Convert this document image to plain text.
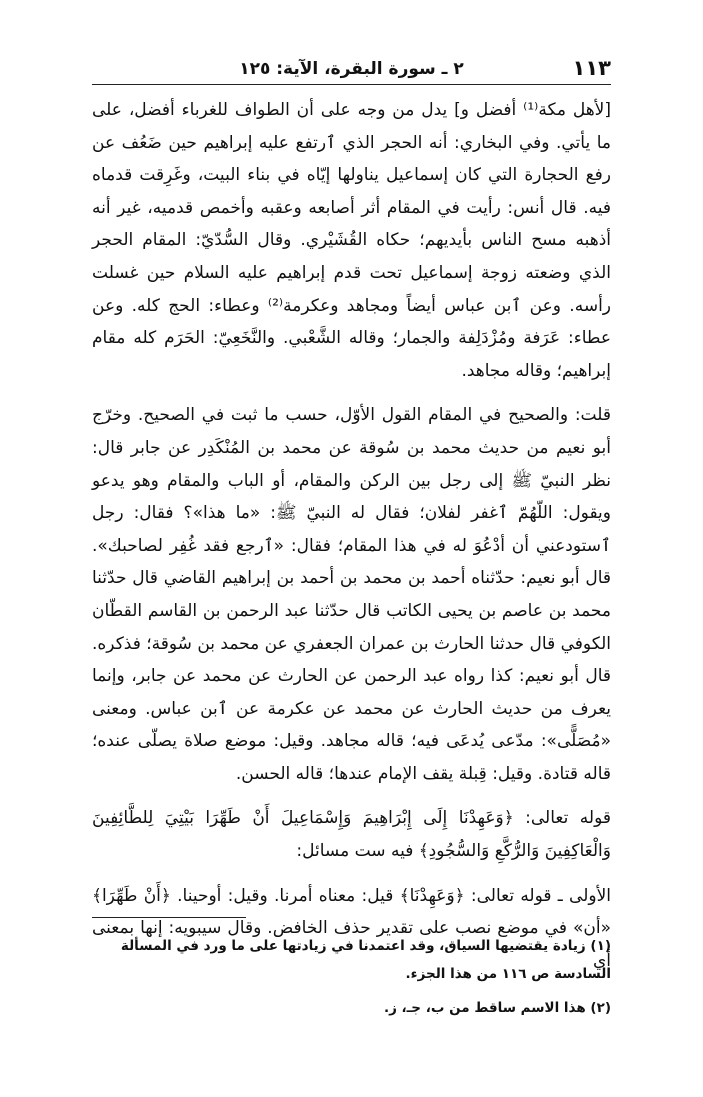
١١٣
٢ ـ سورة البقرة، الآية: ١٢٥

[لأهل مكة⁽¹⁾ أفضل و] يدل من وجه على أن الطواف للغرباء أفضل، على ما يأتي. وفي البخاري: أنه الحجر الذي ٱرتفع عليه إبراهيم حين ضَعُف عن رفع الحجارة التي كان إسماعيل يناولها إيّاه في بناء البيت، وغَرِقت قدماه فيه. قال أنس: رأيت في المقام أثر أصابعه وعقبه وأخمص قدميه، غير أنه أذهبه مسح الناس بأيديهم؛ حكاه القُشَيْري. وقال السُّدّيّ: المقام الحجر الذي وضعته زوجة إسماعيل تحت قدم إبراهيم عليه السلام حين غسلت رأسه. وعن ٱبن عباس أيضاً ومجاهد وعكرمة⁽²⁾ وعطاء: الحج كله. وعن عطاء: عَرَفة ومُزْدَلِفة والجمار؛ وقاله الشَّعْبي. والنَّخَعِيّ: الحَرَم كله مقام إبراهيم؛ وقاله مجاهد.

قلت: والصحيح في المقام القول الأوّل، حسب ما ثبت في الصحيح. وخرّج أبو نعيم من حديث محمد بن سُوقة عن محمد بن المُنْكَدِر عن جابر قال: نظر النبيّ ﷺ إلى رجل بين الركن والمقام، أو الباب والمقام وهو يدعو ويقول: اللّهُمّ ٱغفر لفلان؛ فقال له النبيّ ﷺ: «ما هذا»؟ فقال: رجل ٱستودعني أن أدْعُوَ له في هذا المقام؛ فقال: «ٱرجع فقد غُفِر لصاحبك». قال أبو نعيم: حدّثناه أحمد بن محمد بن أحمد بن إبراهيم القاضي قال حدّثنا محمد بن عاصم بن يحيى الكاتب قال حدّثنا عبد الرحمن بن القاسم القطّان الكوفي قال حدثنا الحارث بن عمران الجعفري عن محمد بن سُوقة؛ فذكره. قال أبو نعيم: كذا رواه عبد الرحمن عن الحارث عن محمد عن جابر، وإنما يعرف من حديث الحارث عن محمد عن عكرمة عن ٱبن عباس. ومعنى «مُصَلًّى»: مدّعى يُدعَى فيه؛ قاله مجاهد. وقيل: موضع صلاة يصلّى عنده؛ قاله قتادة. وقيل: قِبلة يقف الإمام عندها؛ قاله الحسن.

قوله تعالى: ﴿وَعَهِدْنَا إِلَى إِبْرَاهِيمَ وَإِسْمَاعِيلَ أَنْ طَهِّرَا بَيْتِيَ لِلطَّائِفِينَ وَالْعَاكِفِينَ وَالرُّكَّعِ وَالسُّجُودِ﴾ فيه ست مسائل:

الأولى ـ قوله تعالى: ﴿وَعَهِدْنَا﴾ قيل: معناه أمرنا. وقيل: أوحينا. ﴿أَنْ طَهِّرَا﴾ «أن» في موضع نصب على تقدير حذف الخافض. وقال سيبويه: إنها بمعنى أي

(١) زيادة يقتضيها السياق، وقد اعتمدنا في زيادتها على ما ورد في المسألة السادسة ص ١١٦ من هذا الجزء.

(٢) هذا الاسم ساقط من ب، جـ، ز.
